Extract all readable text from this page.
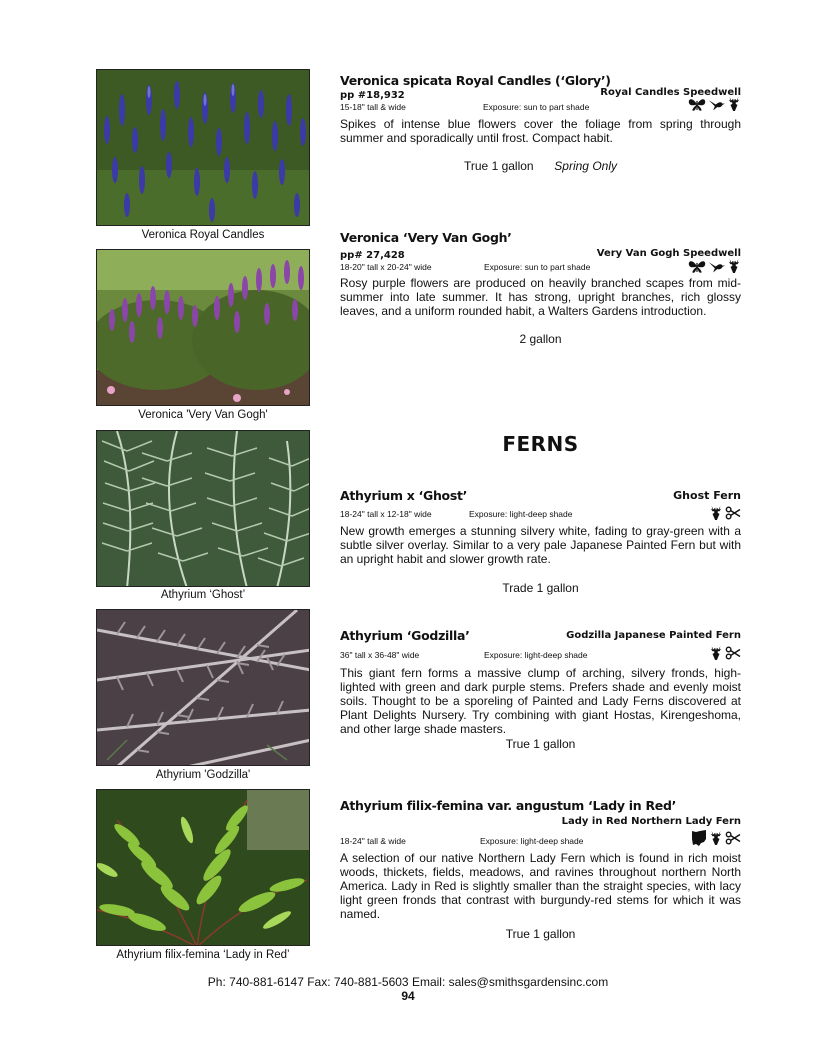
Veronica Royal Candles
Veronica spicata Royal Candles (‘Glory’)
pp #18,932	Royal Candles Speedwell
15-18" tall & wide	Exposure: sun to part shade
Spikes of intense blue flowers cover the foliage from spring through summer and sporadically until frost. Compact habit.
True 1 gallon Spring Only
Veronica 'Very Van Gogh'
Veronica ‘Very Van Gogh’
pp# 27,428	Very Van Gogh Speedwell
18-20" tall x 20-24" wide	Exposure: sun to part shade
Rosy purple flowers are produced on heavily branched scapes from mid-summer into late summer. It has strong, upright branches, rich glossy leaves, and a uniform rounded habit, a Walters Gardens introduction.
2 gallon
FERNS
Athyrium ‘Ghost’
Athyrium x ‘Ghost’	Ghost Fern
18-24" tall x 12-18" wide	Exposure: light-deep shade
New growth emerges a stunning silvery white, fading to gray-green with a subtle silver overlay. Similar to a very pale Japanese Painted Fern but with an upright habit and slower growth rate.
Trade 1 gallon
Athyrium 'Godzilla'
Athyrium ‘Godzilla’	Godzilla Japanese Painted Fern
36" tall x 36-48" wide	Exposure: light-deep shade
This giant fern forms a massive clump of arching, silvery fronds, high-lighted with green and dark purple stems. Prefers shade and evenly moist soils. Thought to be a sporeling of Painted and Lady Ferns discovered at Plant Delights Nursery. Try combining with giant Hostas, Kirengeshoma, and other large shade masters.
True 1 gallon
Athyrium filix-femina ‘Lady in Red’
Athyrium filix-femina var. angustum ‘Lady in Red’
Lady in Red Northern Lady Fern
18-24" tall & wide	Exposure: light-deep shade
A selection of our native Northern Lady Fern which is found in rich moist woods, thickets, fields, meadows, and ravines throughout northern North America. Lady in Red is slightly smaller than the straight species, with lacy light green fronds that contrast with burgundy-red stems for which it was named.
True 1 gallon
Ph: 740-881-6147 Fax: 740-881-5603 Email: sales@smithsgardensinc.com
94
